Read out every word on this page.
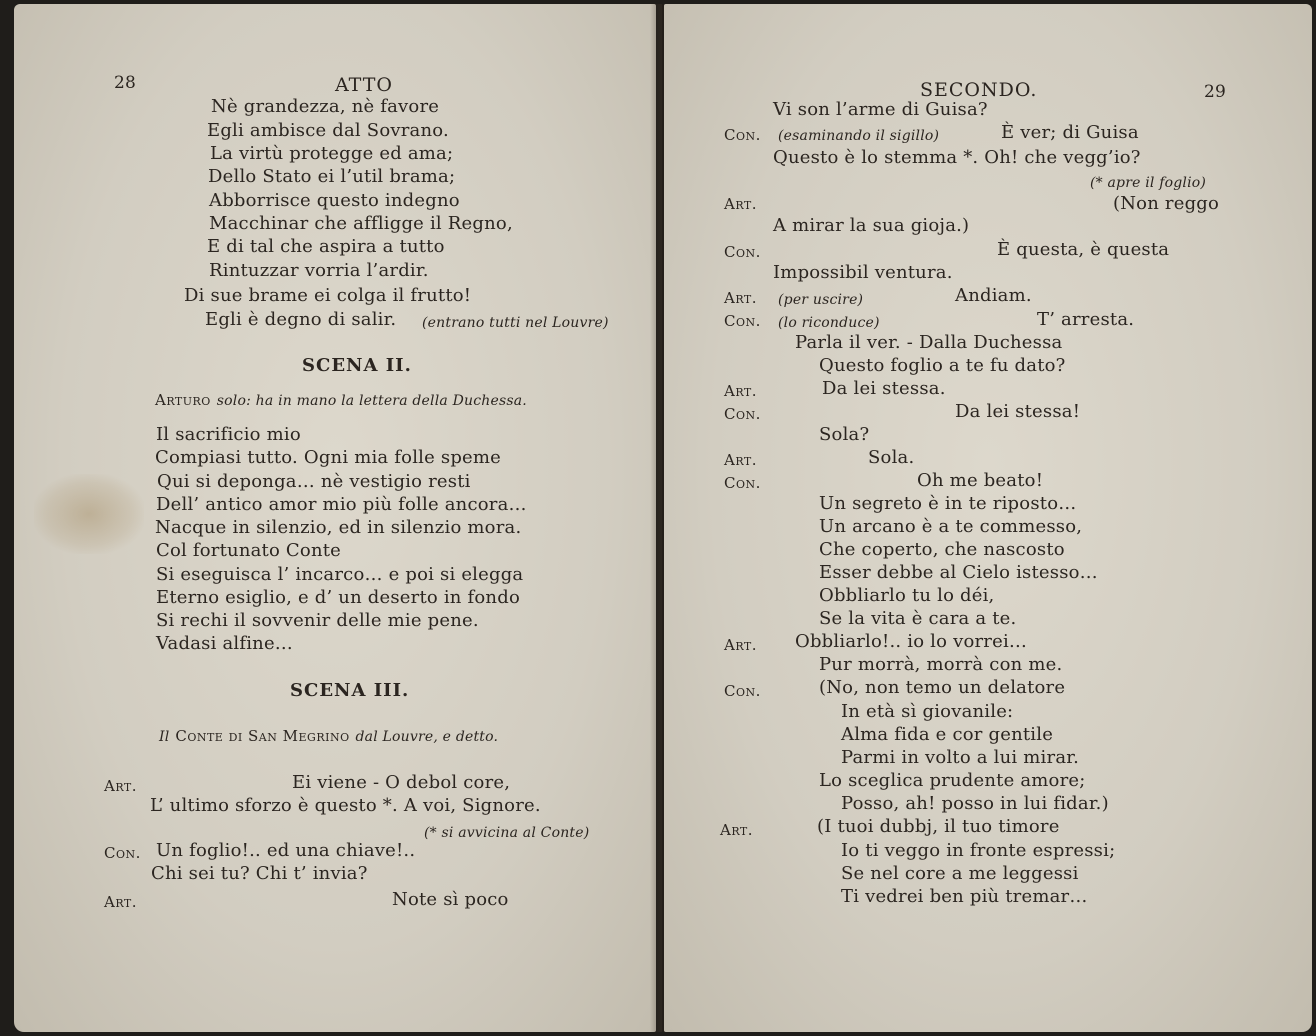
28	ATTO
Nè grandezza, nè favore
Egli ambisce dal Sovrano.
La virtù protegge ed ama;
Dello Stato ei l’util brama;
Abborrisce questo indegno
Macchinar che affligge il Regno,
E di tal che aspira a tutto
Rintuzzar vorria l’ardir.
Di sue brame ei colga il frutto!
Egli è degno di salir. (entrano tutti nel Louvre)
SCENA II.
Arturo solo: ha in mano la lettera della Duchessa.
Il sacrificio mio
Compiasi tutto. Ogni mia folle speme
Qui si deponga… nè vestigio resti
Dell’ antico amor mio più folle ancora…
Nacque in silenzio, ed in silenzio mora.
Col fortunato Conte
Si eseguisca l’ incarco… e poi si elegga
Eterno esiglio, e d’ un deserto in fondo
Si rechi il sovvenir delle mie pene.
Vadasi alfine…
SCENA III.
Il Conte di San Megrino dal Louvre, e detto.
Art.	Ei viene - O debol core,
L’ ultimo sforzo è questo *. A voi, Signore.
(* si avvicina al Conte)
Con. Un foglio!.. ed una chiave!..
Chi sei tu? Chi t’ invia?
Art.	Note sì poco
SECONDO.	29
Vi son l’arme di Guisa?
Con. (esaminando il sigillo)	È ver; di Guisa
Questo è lo stemma *. Oh! che vegg’io?
(* apre il foglio)
Art.	(Non reggo
A mirar la sua gioja.)
Con.	È questa, è questa
Impossibil ventura.
Art. (per uscire)	Andiam.
Con. (lo riconduce)	T’ arresta.
Parla il ver. - Dalla Duchessa
Questo foglio a te fu dato?
Art.	Da lei stessa.
Con.	Da lei stessa!
Sola?
Art.	Sola.
Con.	Oh me beato!
Un segreto è in te riposto…
Un arcano è a te commesso,
Che coperto, che nascosto
Esser debbe al Cielo istesso…
Obbliarlo tu lo déi,
Se la vita è cara a te.
Art. Obbliarlo!.. io lo vorrei…
Pur morrà, morrà con me.
Con.	(No, non temo un delatore
In età sì giovanile:
Alma fida e cor gentile
Parmi in volto a lui mirar.
Lo sceglica prudente amore;
Posso, ah! posso in lui fidar.)
Art.	(I tuoi dubbj, il tuo timore
Io ti veggo in fronte espressi;
Se nel core a me leggessi
Ti vedrei ben più tremar…
